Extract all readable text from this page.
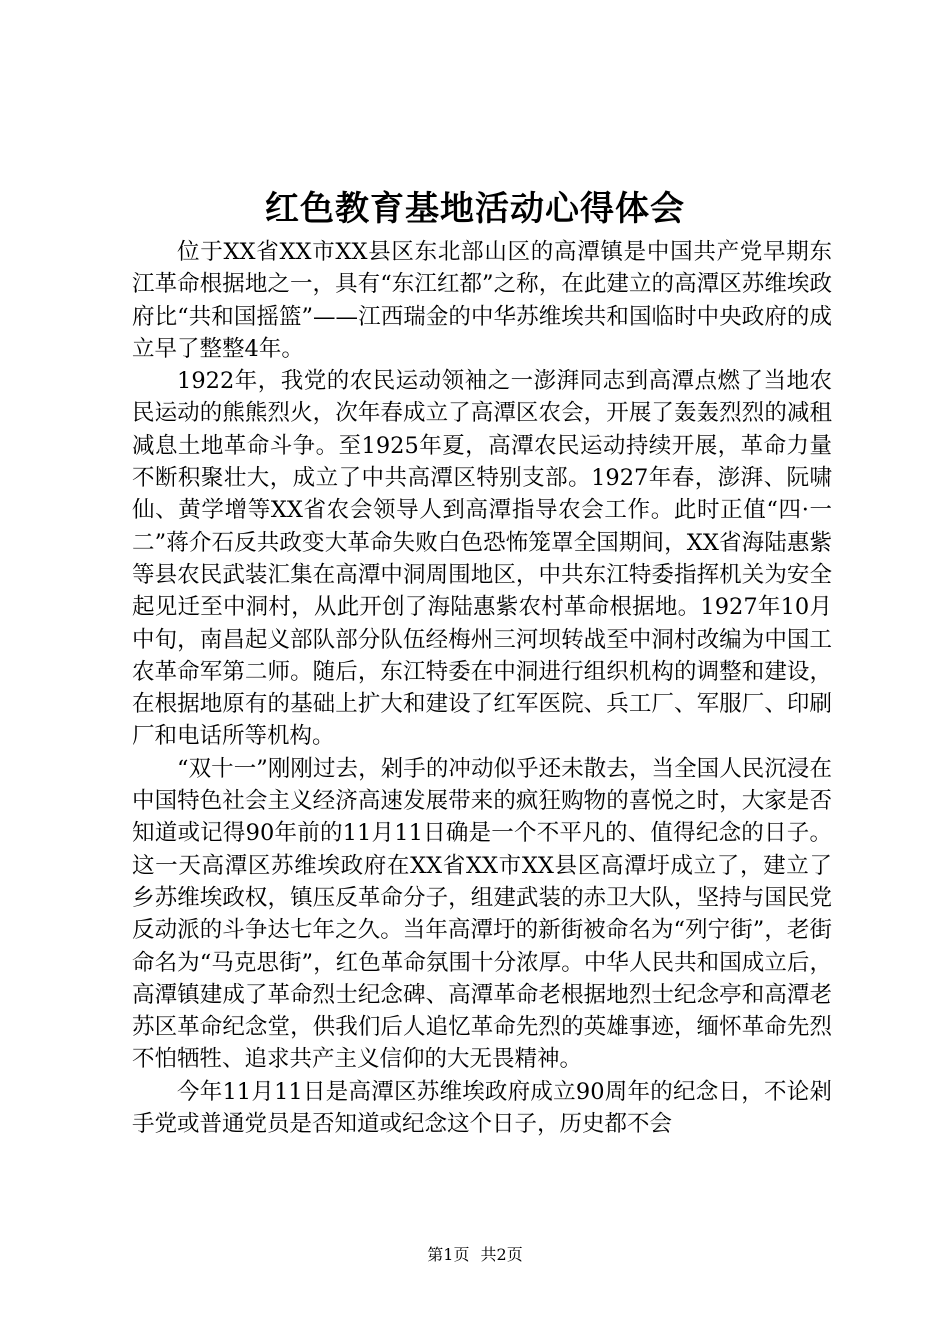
红色教育基地活动心得体会

位于XX省XX市XX县区东北部山区的高潭镇是中国共产党早期东江革命根据地之一，具有“东江红都”之称，在此建立的高潭区苏维埃政府比“共和国摇篮”——江西瑞金的中华苏维埃共和国临时中央政府的成立早了整整4年。

1922年，我党的农民运动领袖之一澎湃同志到高潭点燃了当地农民运动的熊熊烈火，次年春成立了高潭区农会，开展了轰轰烈烈的减租减息土地革命斗争。至1925年夏，高潭农民运动持续开展，革命力量不断积聚壮大，成立了中共高潭区特别支部。1927年春，澎湃、阮啸仙、黄学增等XX省农会领导人到高潭指导农会工作。此时正值“四·一二”蒋介石反共政变大革命失败白色恐怖笼罩全国期间，XX省海陆惠紫等县农民武装汇集在高潭中洞周围地区，中共东江特委指挥机关为安全起见迁至中洞村，从此开创了海陆惠紫农村革命根据地。1927年10月中旬，南昌起义部队部分队伍经梅州三河坝转战至中洞村改编为中国工农革命军第二师。随后，东江特委在中洞进行组织机构的调整和建设，在根据地原有的基础上扩大和建设了红军医院、兵工厂、军服厂、印刷厂和电话所等机构。

“双十一”刚刚过去，剁手的冲动似乎还未散去，当全国人民沉浸在中国特色社会主义经济高速发展带来的疯狂购物的喜悦之时，大家是否知道或记得90年前的11月11日确是一个不平凡的、值得纪念的日子。这一天高潭区苏维埃政府在XX省XX市XX县区高潭圩成立了，建立了乡苏维埃政权，镇压反革命分子，组建武装的赤卫大队，坚持与国民党反动派的斗争达七年之久。当年高潭圩的新街被命名为“列宁街”，老街命名为“马克思街”，红色革命氛围十分浓厚。中华人民共和国成立后，高潭镇建成了革命烈士纪念碑、高潭革命老根据地烈士纪念亭和高潭老苏区革命纪念堂，供我们后人追忆革命先烈的英雄事迹，缅怀革命先烈不怕牺牲、追求共产主义信仰的大无畏精神。

今年11月11日是高潭区苏维埃政府成立90周年的纪念日，不论剁手党或普通党员是否知道或纪念这个日子，历史都不会

第1页 共2页
